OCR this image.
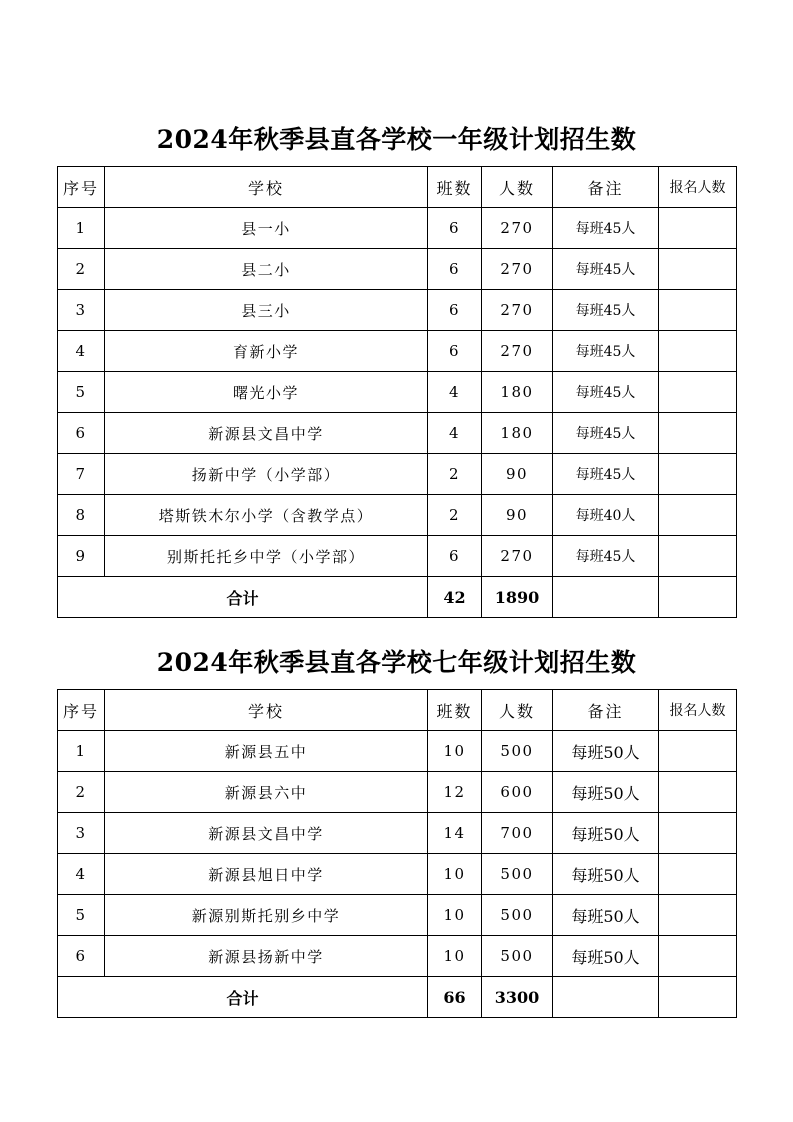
2024年秋季县直各学校一年级计划招生数
序号	学校	班数	人数	备注	报名人数
1	县一小	6	270	每班45人	
2	县二小	6	270	每班45人	
3	县三小	6	270	每班45人	
4	育新小学	6	270	每班45人	
5	曙光小学	4	180	每班45人	
6	新源县文昌中学	4	180	每班45人	
7	扬新中学（小学部）	2	90	每班45人	
8	塔斯铁木尔小学（含教学点）	2	90	每班40人	
9	别斯托托乡中学（小学部）	6	270	每班45人	
合计		42	1890		
2024年秋季县直各学校七年级计划招生数
序号	学校	班数	人数	备注	报名人数
1	新源县五中	10	500	每班50人	
2	新源县六中	12	600	每班50人	
3	新源县文昌中学	14	700	每班50人	
4	新源县旭日中学	10	500	每班50人	
5	新源别斯托别乡中学	10	500	每班50人	
6	新源县扬新中学	10	500	每班50人	
合计		66	3300		
